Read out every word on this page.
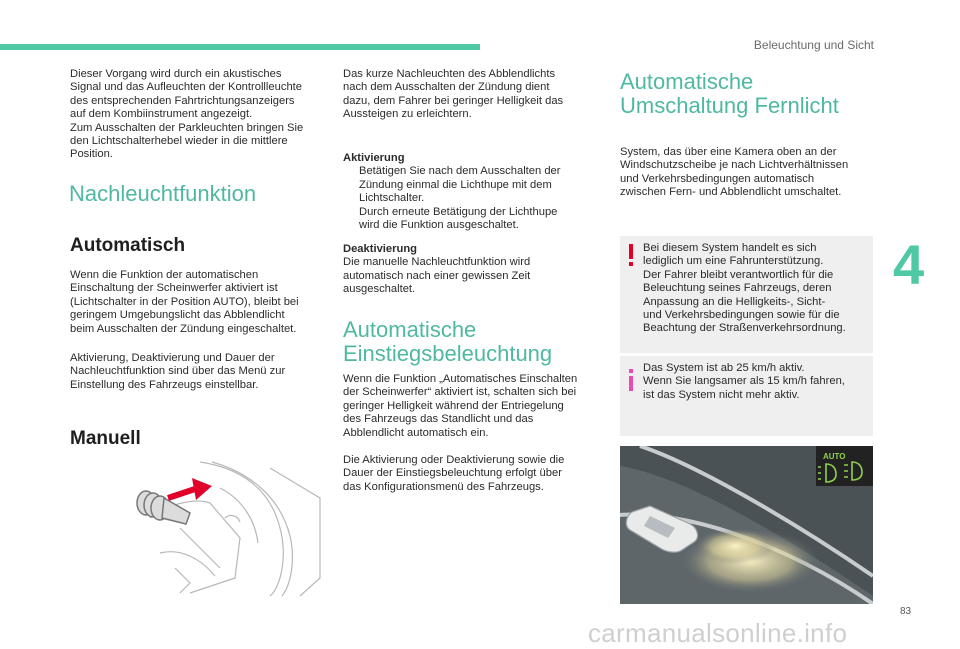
Beleuchtung und Sicht

Dieser Vorgang wird durch ein akustisches

Signal und das Aufleuchten der Kontrollleuchte

des entsprechenden Fahrtrichtungsanzeigers

auf dem Kombiinstrument angezeigt.

Zum Ausschalten der Parkleuchten bringen Sie

den Lichtschalterhebel wieder in die mittlere

Position.

Nachleuchtfunktion
Automatisch

Wenn die Funktion der automatischen

Einschaltung der Scheinwerfer aktiviert ist

(Lichtschalter in der Position AUTO), bleibt bei

geringem Umgebungslicht das Abblendlicht

beim Ausschalten der Zündung eingeschaltet.

Aktivierung, Deaktivierung und Dauer der

Nachleuchtfunktion sind über das Menü zur

Einstellung des Fahrzeugs einstellbar.

Manuell

Das kurze Nachleuchten des Abblendlichts

nach dem Ausschalten der Zündung dient

dazu, dem Fahrer bei geringer Helligkeit das

Aussteigen zu erleichtern.

Aktivierung

Betätigen Sie nach dem Ausschalten der

Zündung einmal die Lichthupe mit dem

Lichtschalter.

Durch erneute Betätigung der Lichthupe

wird die Funktion ausgeschaltet.

Deaktivierung

Die manuelle Nachleuchtfunktion wird

automatisch nach einer gewissen Zeit

ausgeschaltet.

Automatische

Einstiegsbeleuchtung

Wenn die Funktion „Automatisches Einschalten

der Scheinwerfer“ aktiviert ist, schalten sich bei

geringer Helligkeit während der Entriegelung

des Fahrzeugs das Standlicht und das

Abblendlicht automatisch ein.

Die Aktivierung oder Deaktivierung sowie die

Dauer der Einstiegsbeleuchtung erfolgt über

das Konfigurationsmenü des Fahrzeugs.

Automatische

Umschaltung Fernlicht

System, das über eine Kamera oben an der

Windschutzscheibe je nach Lichtverhältnissen

und Verkehrsbedingungen automatisch

zwischen Fern- und Abblendlicht umschaltet.

Bei diesem System handelt es sich

lediglich um eine Fahrunterstützung.

Der Fahrer bleibt verantwortlich für die

Beleuchtung seines Fahrzeugs, deren

Anpassung an die Helligkeits-, Sicht-

und Verkehrsbedingungen sowie für die

Beachtung der Straßenverkehrsordnung.

Das System ist ab 25 km/h aktiv.

Wenn Sie langsamer als 15 km/h fahren,

ist das System nicht mehr aktiv.

AUTO
4
83
carmanualsonline.info
